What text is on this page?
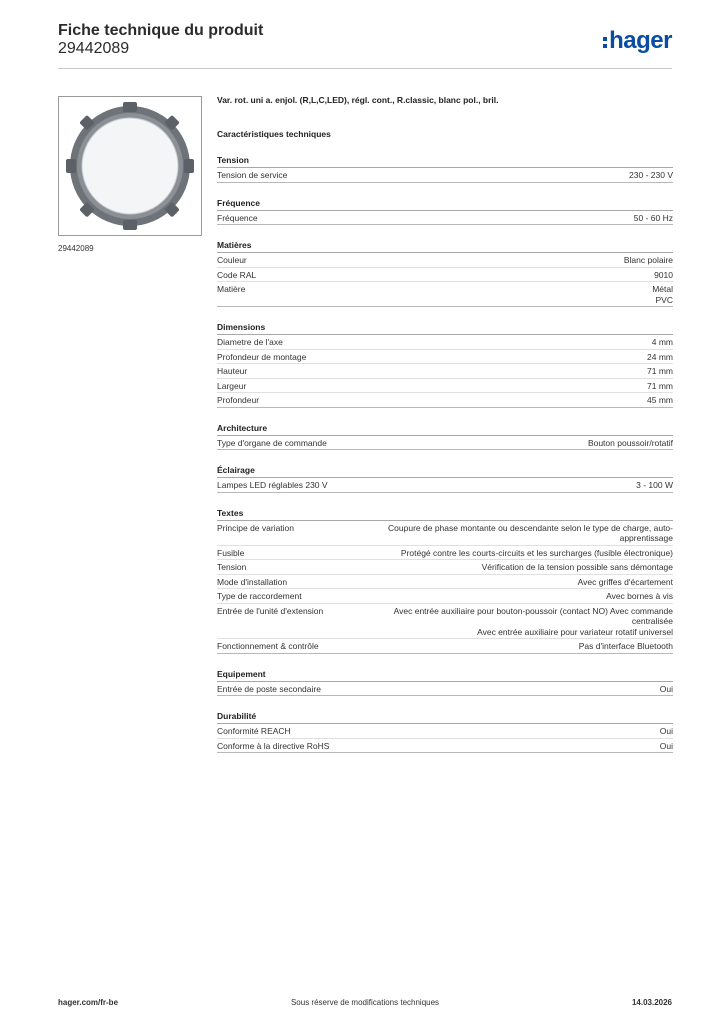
Fiche technique du produit
29442089	hager
29442089
Var. rot. uni a. enjol. (R,L,C,LED), régl. cont., R.classic, blanc pol., bril.
Caractéristiques techniques
Tension
Tension de service	230 - 230 V
Fréquence
Fréquence	50 - 60 Hz
Matières
Couleur	Blanc polaire
Code RAL	9010
Matière	Métal
PVC
Dimensions
Diametre de l'axe	4 mm
Profondeur de montage	24 mm
Hauteur	71 mm
Largeur	71 mm
Profondeur	45 mm
Architecture
Type d'organe de commande	Bouton poussoir/rotatif
Éclairage
Lampes LED réglables 230 V	3 - 100 W
Textes
Principe de variation	Coupure de phase montante ou descendante selon le type de charge, auto-
apprentissage
Fusible	Protégé contre les courts-circuits et les surcharges (fusible électronique)
Tension	Vérification de la tension possible sans démontage
Mode d'installation	Avec griffes d'écartement
Type de raccordement	Avec bornes à vis
Entrée de l'unité d'extension	Avec entrée auxiliaire pour bouton-poussoir (contact NO) Avec commande
centralisée
Avec entrée auxiliaire pour variateur rotatif universel
Fonctionnement & contrôle	Pas d'interface Bluetooth
Equipement
Entrée de poste secondaire	Oui
Durabilité
Conformité REACH	Oui
Conforme à la directive RoHS	Oui
hager.com/fr-be	Sous réserve de modifications techniques	14.03.2026
